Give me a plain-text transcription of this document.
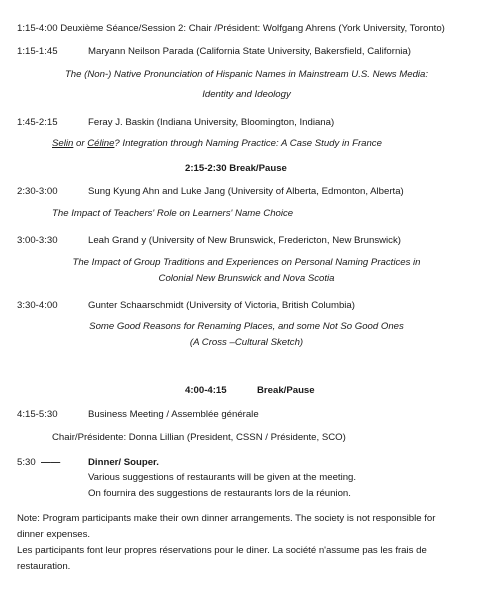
1:15-4:00 Deuxième Séance/Session 2: Chair /Président: Wolfgang Ahrens (York University, Toronto)
1:15-1:45	Maryann Neilson Parada (California State University, Bakersfield, California)
The (Non-) Native Pronunciation of Hispanic Names in Mainstream U.S. News Media:
Identity and Ideology
1:45-2:15	Feray J. Baskin (Indiana University, Bloomington, Indiana)
Selin or Céline? Integration through Naming Practice: A Case Study in France
2:15-2:30 Break/Pause
2:30-3:00	Sung Kyung Ahn and Luke Jang (University of Alberta, Edmonton, Alberta)
The Impact of Teachers' Role on Learners' Name Choice
3:00-3:30	Leah Grand y (University of New Brunswick, Fredericton, New Brunswick)
The Impact of Group Traditions and Experiences on Personal Naming Practices in
Colonial New Brunswick and Nova Scotia
3:30-4:00	Gunter Schaarschmidt (University of Victoria, British Columbia)
Some Good Reasons for Renaming Places, and some Not So Good Ones
(A Cross –Cultural Sketch)
4:00-4:15	Break/Pause
4:15-5:30	Business Meeting / Assemblée générale
Chair/Présidente: Donna Lillian (President, CSSN / Présidente, SCO)
5:30 ——	Dinner/ Souper.
Various suggestions of restaurants will be given at the meeting.
On fournira des suggestions de restaurants lors de la réunion.
Note: Program participants make their own dinner arrangements. The society is not responsible for
dinner expenses.
Les participants font leur propres réservations pour le diner. La société n'assume pas les frais de
restauration.
